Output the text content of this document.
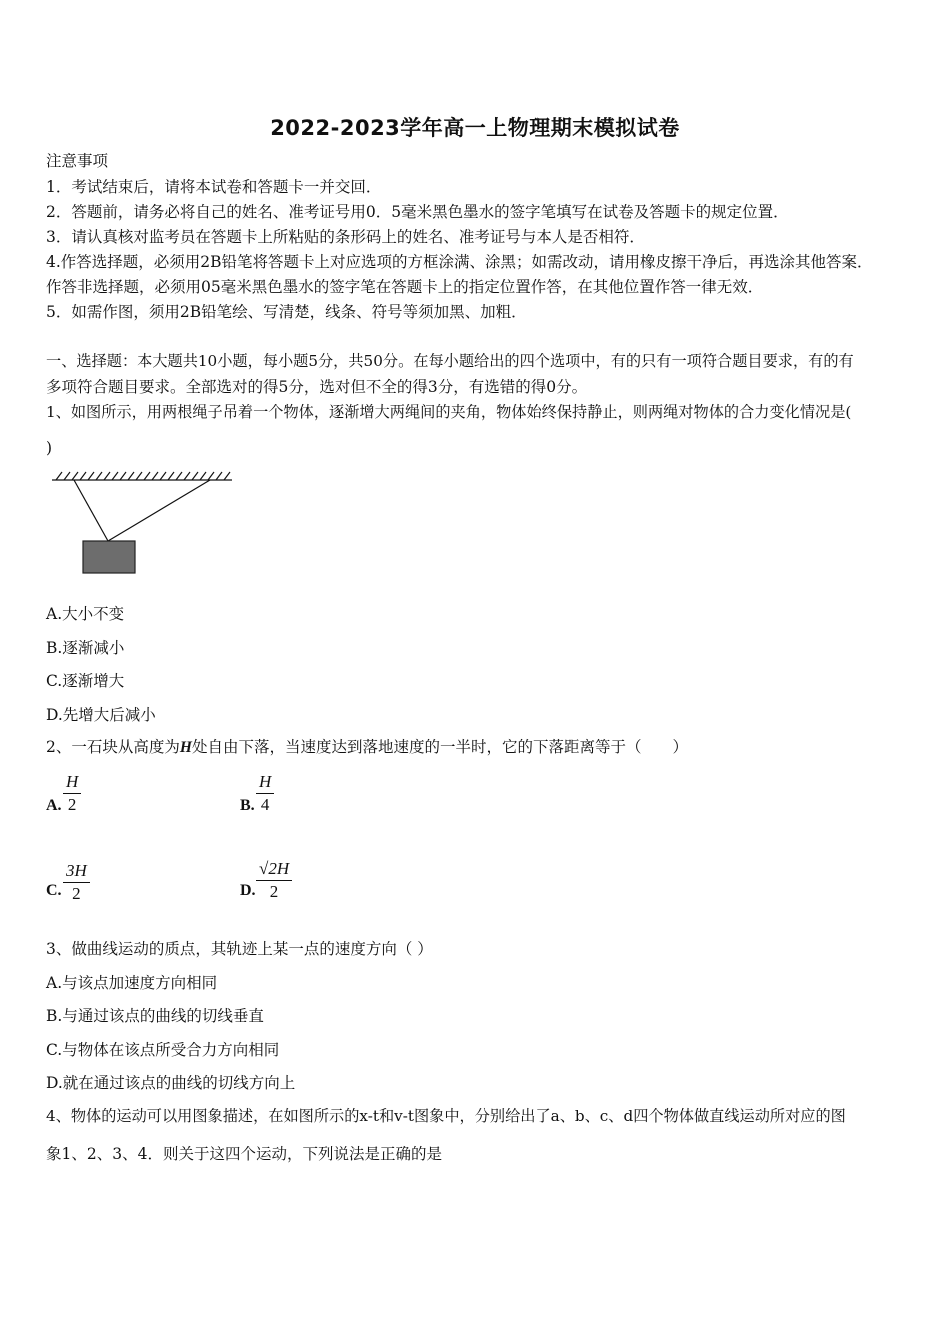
2022-2023学年高一上物理期末模拟试卷
注意事项
1．考试结束后，请将本试卷和答题卡一并交回．
2．答题前，请务必将自己的姓名、准考证号用0．5毫米黑色墨水的签字笔填写在试卷及答题卡的规定位置．
3．请认真核对监考员在答题卡上所粘贴的条形码上的姓名、准考证号与本人是否相符．
4.作答选择题，必须用2B铅笔将答题卡上对应选项的方框涂满、涂黑；如需改动，请用橡皮擦干净后，再选涂其他答案．
作答非选择题，必须用05毫米黑色墨水的签字笔在答题卡上的指定位置作答，在其他位置作答一律无效．
5．如需作图，须用2B铅笔绘、写清楚，线条、符号等须加黑、加粗．
一、选择题：本大题共10小题，每小题5分，共50分。在每小题给出的四个选项中，有的只有一项符合题目要求，有的有
多项符合题目要求。全部选对的得5分，选对但不全的得3分，有选错的得0分。
1、如图所示，用两根绳子吊着一个物体，逐渐增大两绳间的夹角，物体始终保持静止，则两绳对物体的合力变化情况是(
)
A.大小不变
B.逐渐减小
C.逐渐增大
D.先增大后减小
2、一石块从高度为H处自由下落，当速度达到落地速度的一半时，它的下落距离等于（　　）
A. $\frac{H}{2}$	B. $\frac{H}{4}$
C. $\frac{3H}{2}$	D. $\frac{√2H}{2}$
3、做曲线运动的质点，其轨迹上某一点的速度方向（ ）
A.与该点加速度方向相同
B.与通过该点的曲线的切线垂直
C.与物体在该点所受合力方向相同
D.就在通过该点的曲线的切线方向上
4、物体的运动可以用图象描述，在如图所示的x-t和v-t图象中，分别给出了a、b、c、d四个物体做直线运动所对应的图
象1、2、3、4．则关于这四个运动，下列说法是正确的是
